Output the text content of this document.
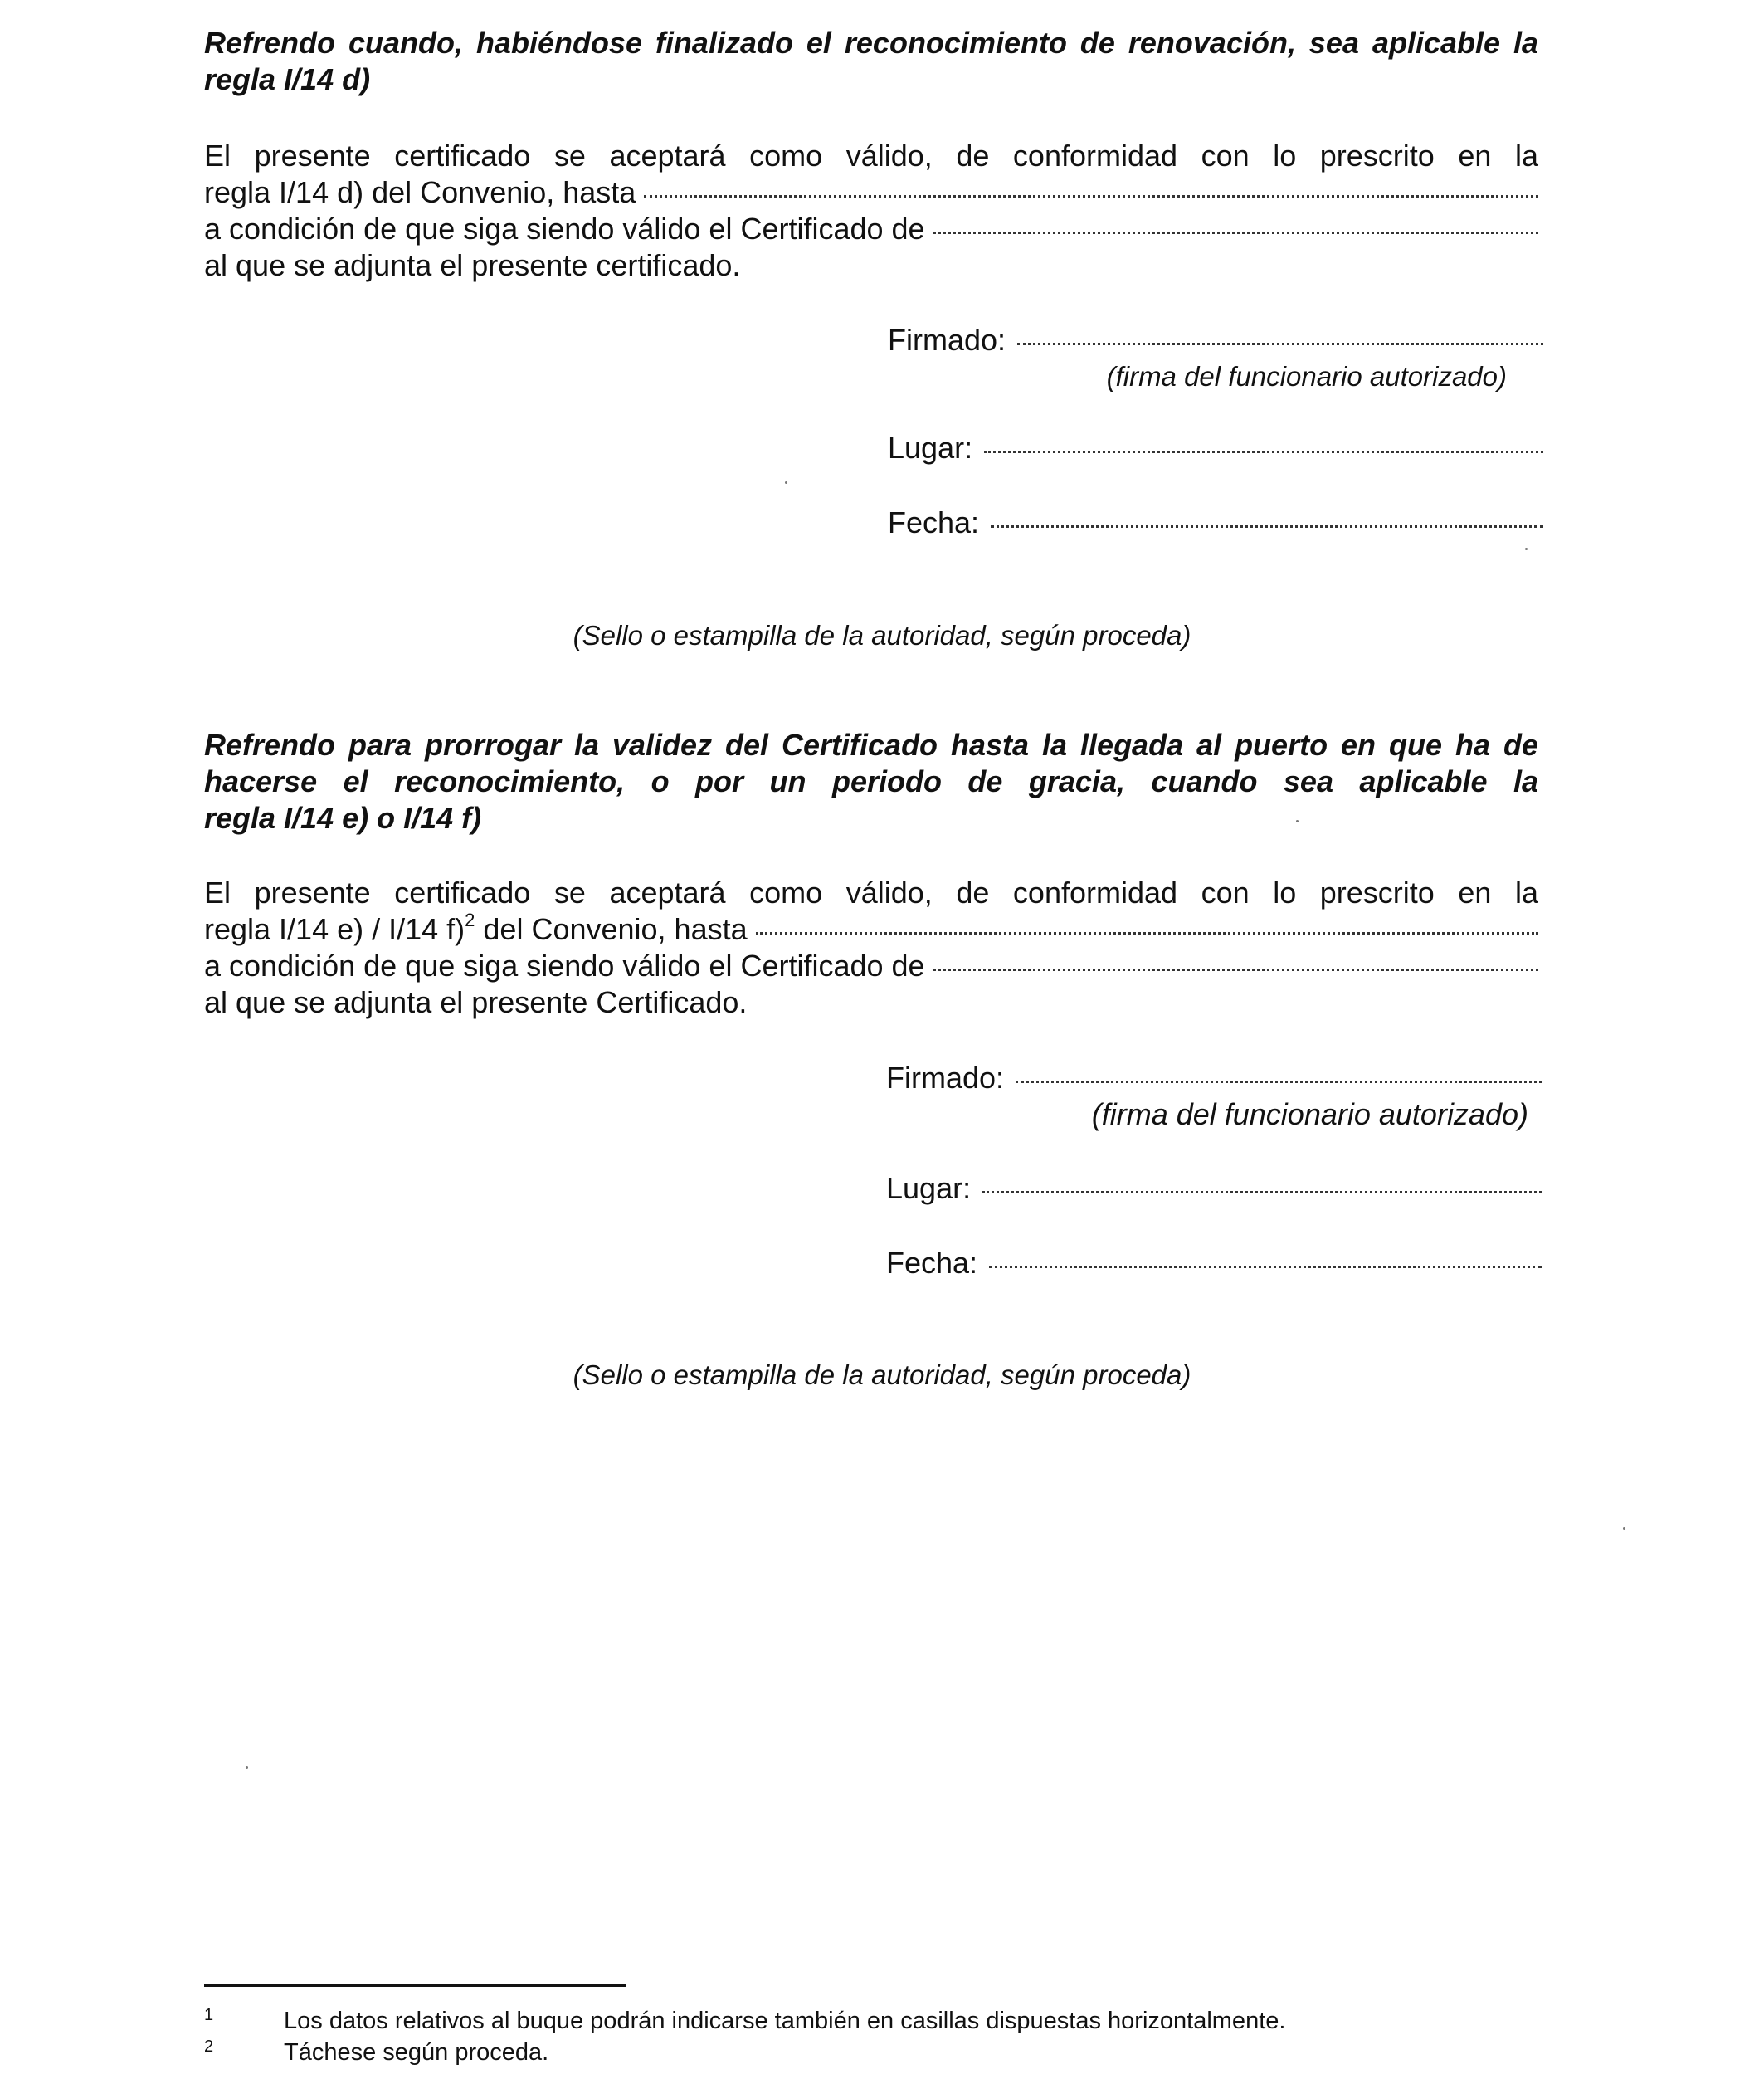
Refrendo cuando, habiéndose finalizado el reconocimiento de renovación, sea aplicable la
regla I/14 d)
El presente certificado se aceptará como válido, de conformidad con lo prescrito en la
regla I/14 d) del Convenio, hasta
a condición de que siga siendo válido el Certificado de
al que se adjunta el presente certificado.
Firmado:
(firma del funcionario autorizado)
Lugar:
Fecha:
(Sello o estampilla de la autoridad, según proceda)
Refrendo para prorrogar la validez del Certificado hasta la llegada al puerto en que ha de
hacerse el reconocimiento, o por un periodo de gracia, cuando sea aplicable la
regla I/14 e) o I/14 f)
El presente certificado se aceptará como válido, de conformidad con lo prescrito en la
regla I/14 e) / I/14 f)$^2$ del Convenio, hasta
a condición de que siga siendo válido el Certificado de
al que se adjunta el presente Certificado.
Firmado:
(firma del funcionario autorizado)
Lugar:
Fecha:
(Sello o estampilla de la autoridad, según proceda)
1	Los datos relativos al buque podrán indicarse también en casillas dispuestas horizontalmente.
2	Táchese según proceda.
